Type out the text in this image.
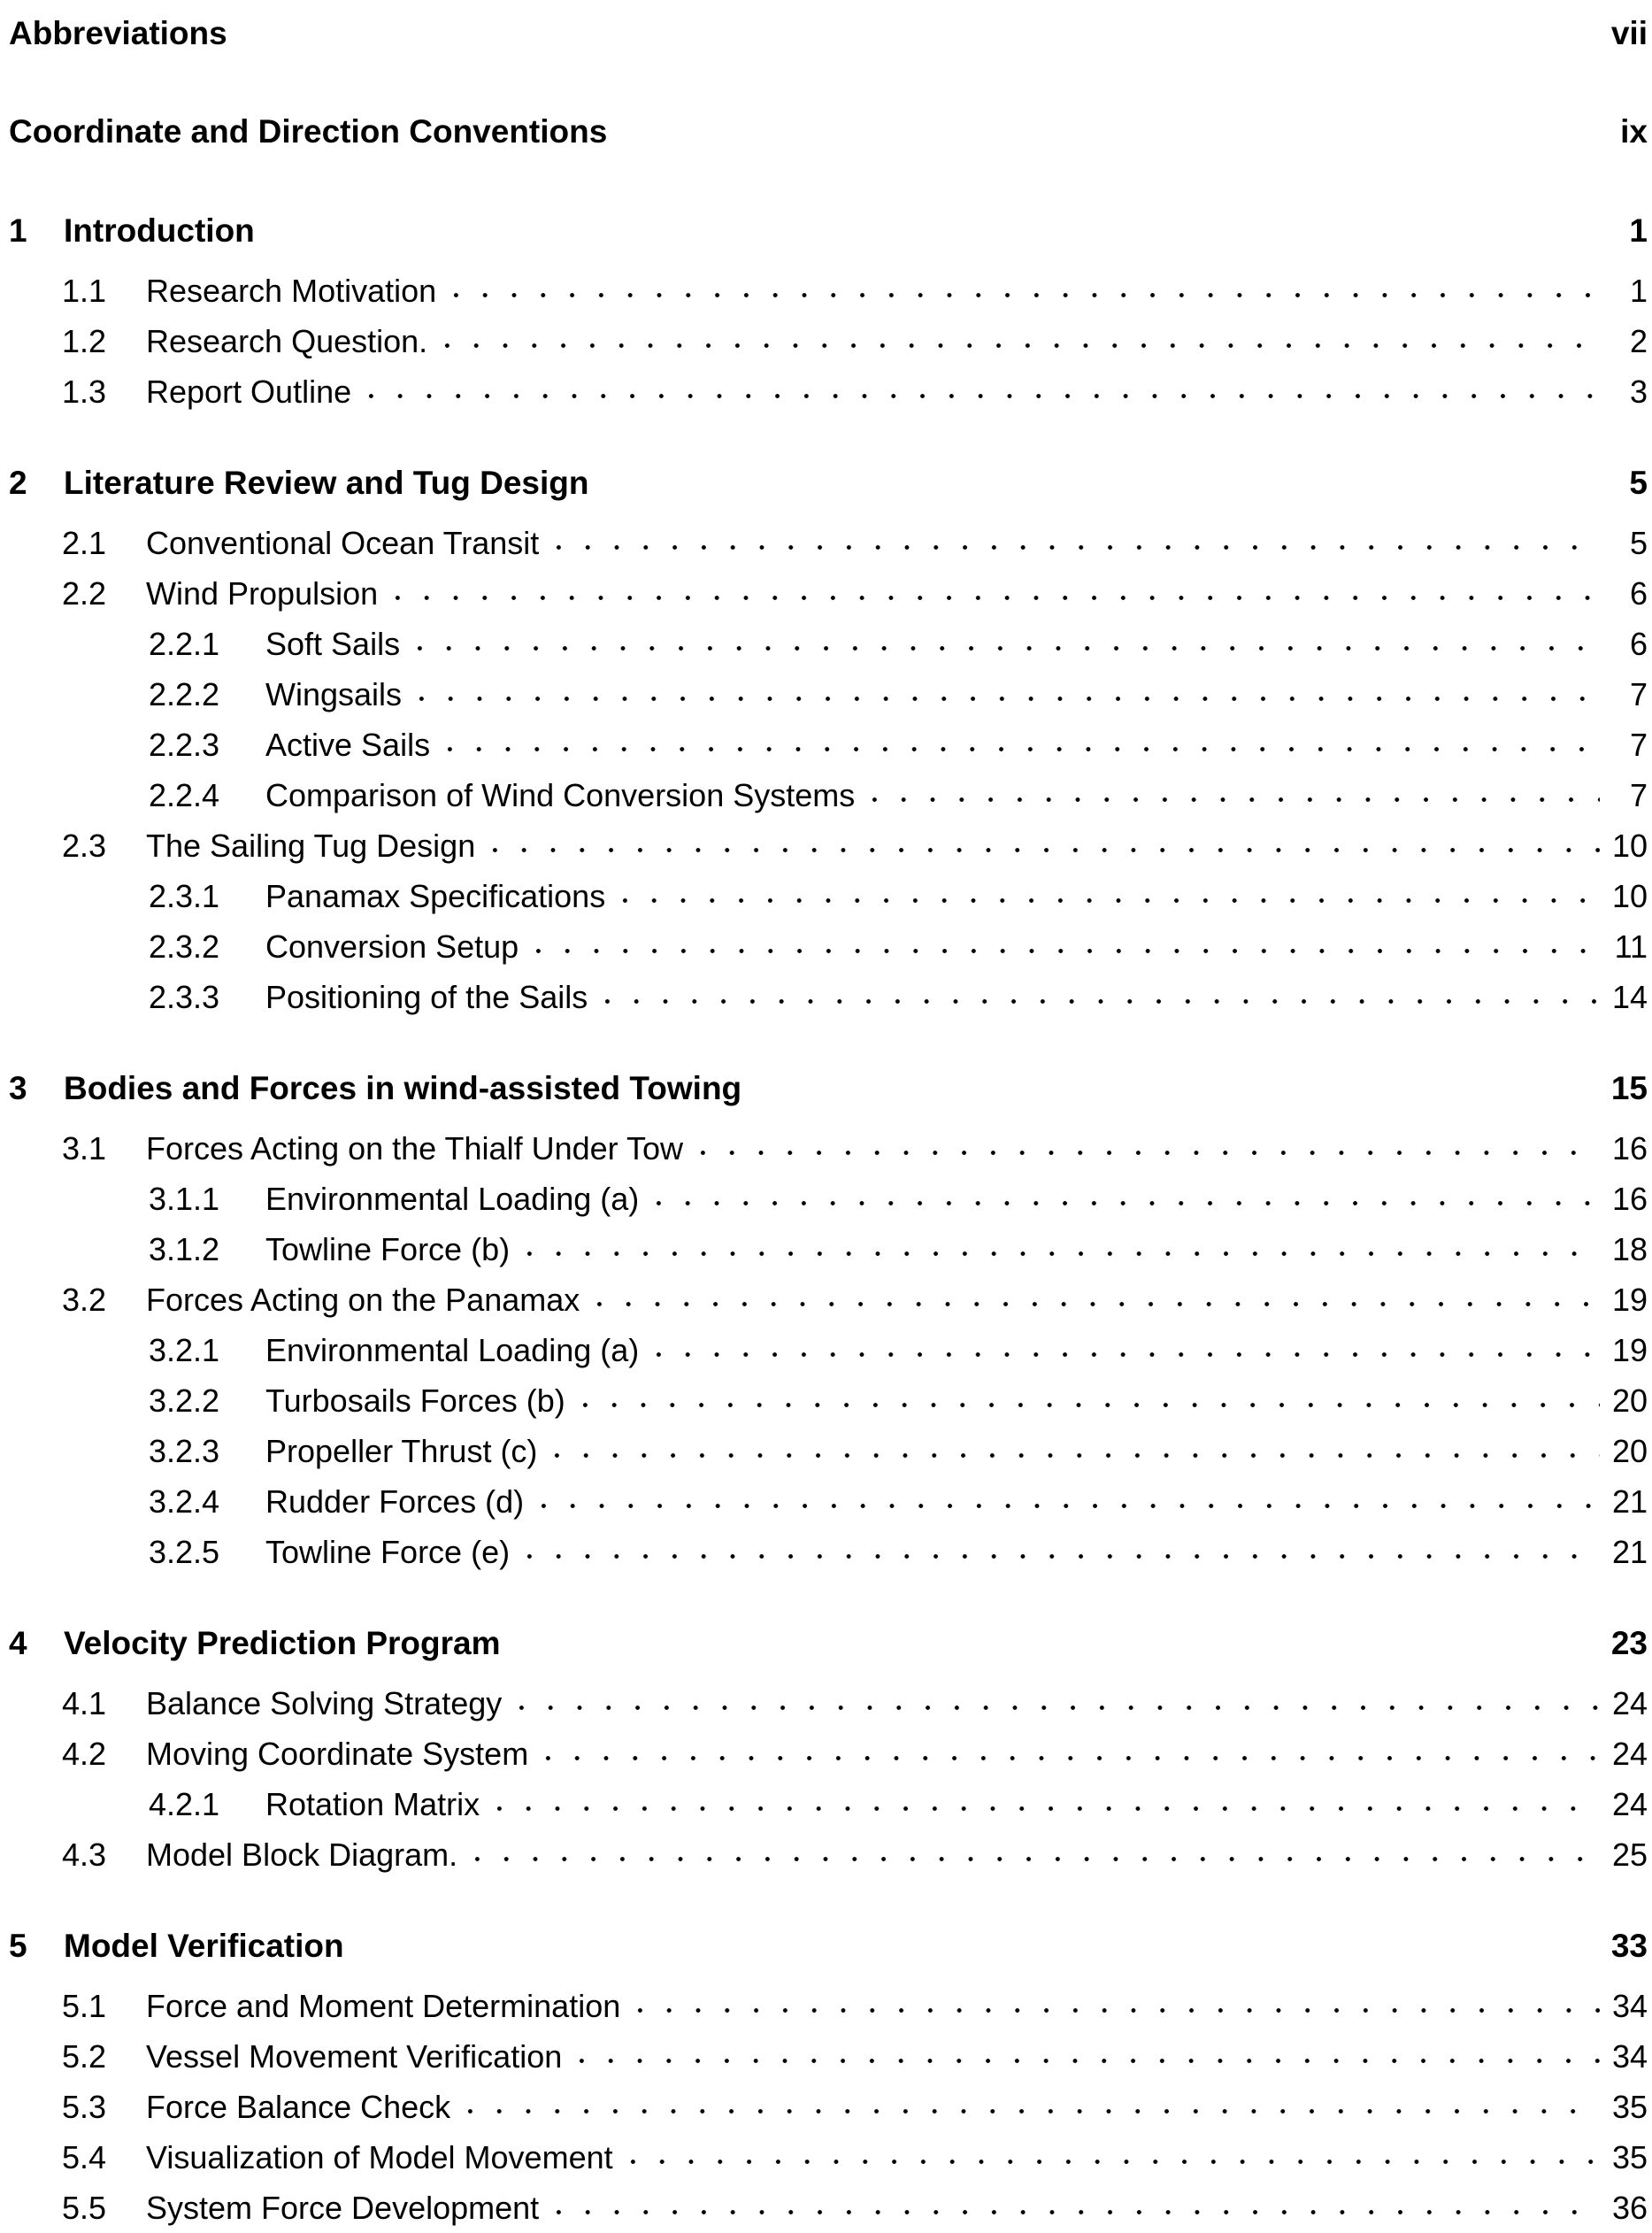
Abbreviations	vii
Coordinate and Direction Conventions	ix
1	Introduction	1
1.1	Research Motivation	1
1.2	Research Question.	2
1.3	Report Outline	3
2	Literature Review and Tug Design	5
2.1	Conventional Ocean Transit	5
2.2	Wind Propulsion	6
2.2.1	Soft Sails	6
2.2.2	Wingsails	7
2.2.3	Active Sails	7
2.2.4	Comparison of Wind Conversion Systems	7
2.3	The Sailing Tug Design	10
2.3.1	Panamax Specifications	10
2.3.2	Conversion Setup	11
2.3.3	Positioning of the Sails	14
3	Bodies and Forces in wind-assisted Towing	15
3.1	Forces Acting on the Thialf Under Tow	16
3.1.1	Environmental Loading (a)	16
3.1.2	Towline Force (b)	18
3.2	Forces Acting on the Panamax	19
3.2.1	Environmental Loading (a)	19
3.2.2	Turbosails Forces (b)	20
3.2.3	Propeller Thrust (c)	20
3.2.4	Rudder Forces (d)	21
3.2.5	Towline Force (e)	21
4	Velocity Prediction Program	23
4.1	Balance Solving Strategy	24
4.2	Moving Coordinate System	24
4.2.1	Rotation Matrix	24
4.3	Model Block Diagram.	25
5	Model Verification	33
5.1	Force and Moment Determination	34
5.2	Vessel Movement Verification	34
5.3	Force Balance Check	35
5.4	Visualization of Model Movement	35
5.5	System Force Development	36
